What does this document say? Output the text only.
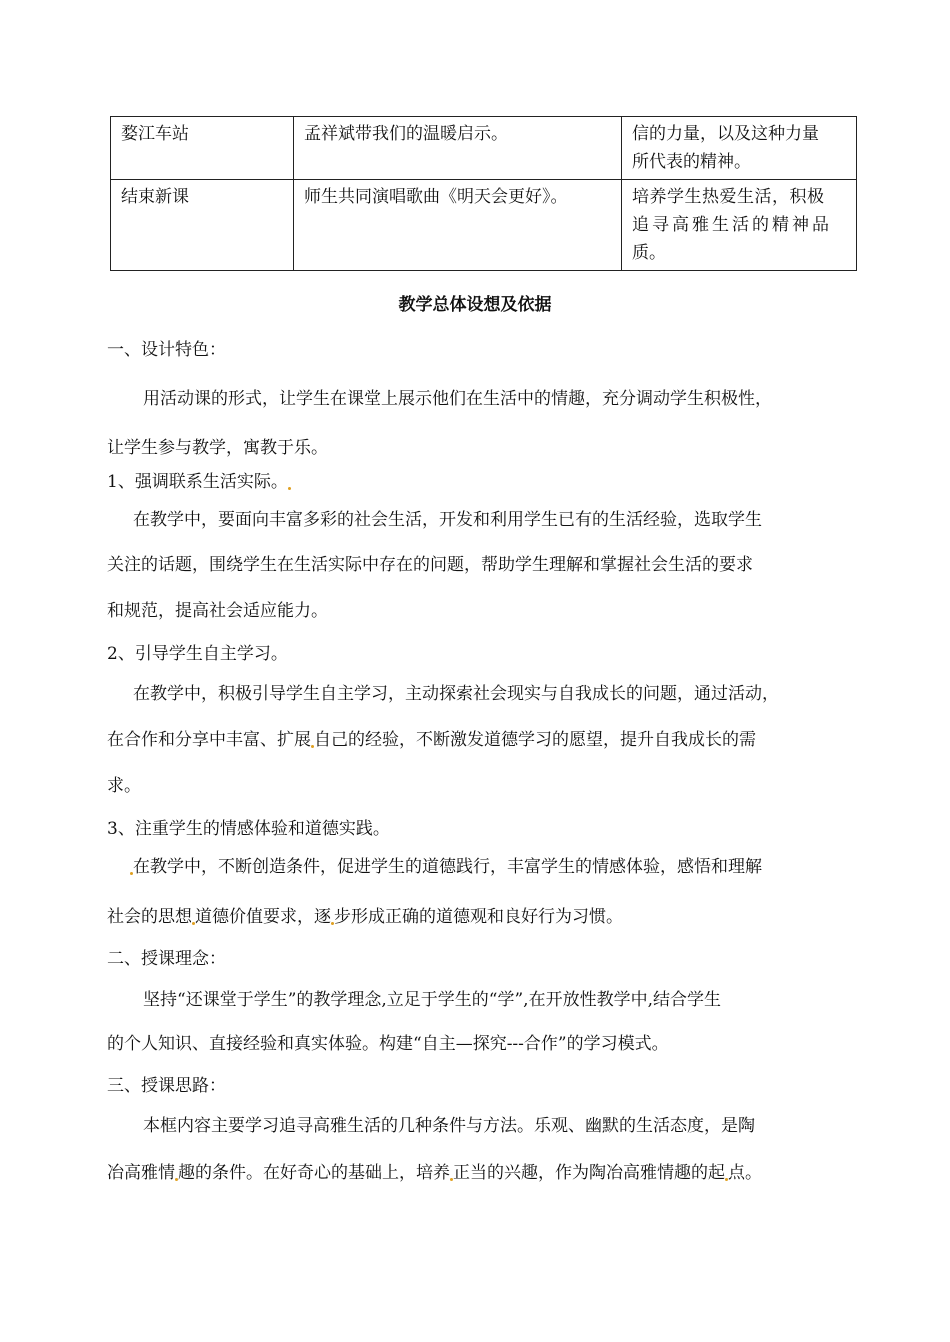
婺江车站	孟祥斌带我们的温暖启示。	信的力量，以及这种力量
所代表的精神。

结束新课	师生共同演唱歌曲《明天会更好》。	培养学生热爱生活，积极
追寻高雅生活的精神品
质。
教学总体设想及依据
一、设计特色：
用活动课的形式，让学生在课堂上展示他们在生活中的情趣，充分调动学生积极性，
让学生参与教学，寓教于乐。
1、强调联系生活实际。
在教学中，要面向丰富多彩的社会生活，开发和利用学生已有的生活经验，选取学生
关注的话题，围绕学生在生活实际中存在的问题，帮助学生理解和掌握社会生活的要求
和规范，提高社会适应能力。
2、引导学生自主学习。
在教学中，积极引导学生自主学习，主动探索社会现实与自我成长的问题，通过活动，
在合作和分享中丰富、扩展 自己的经验，不断激发道德学习的愿望，提升自我成长的需
求。
3、注重学生的情感体验和道德实践。
在教学中，不断创造条件，促进学生的道德践行，丰富学生的情感体验，感悟和理解
社会的思想 道德价值要求，逐 步形成正确的道德观和良好行为习惯。
二、授课理念：
坚持“还课堂于学生”的教学理念,立足于学生的“学”,在开放性教学中,结合学生
的个人知识、直接经验和真实体验。构建“自主—探究---合作”的学习模式。
三、授课思路：
本框内容主要学习追寻高雅生活的几种条件与方法。乐观、幽默的生活态度，是陶
冶高雅情 趣的条件。在好奇心的基础上，培养 正当的兴趣，作为陶冶高雅情趣的起 点。
